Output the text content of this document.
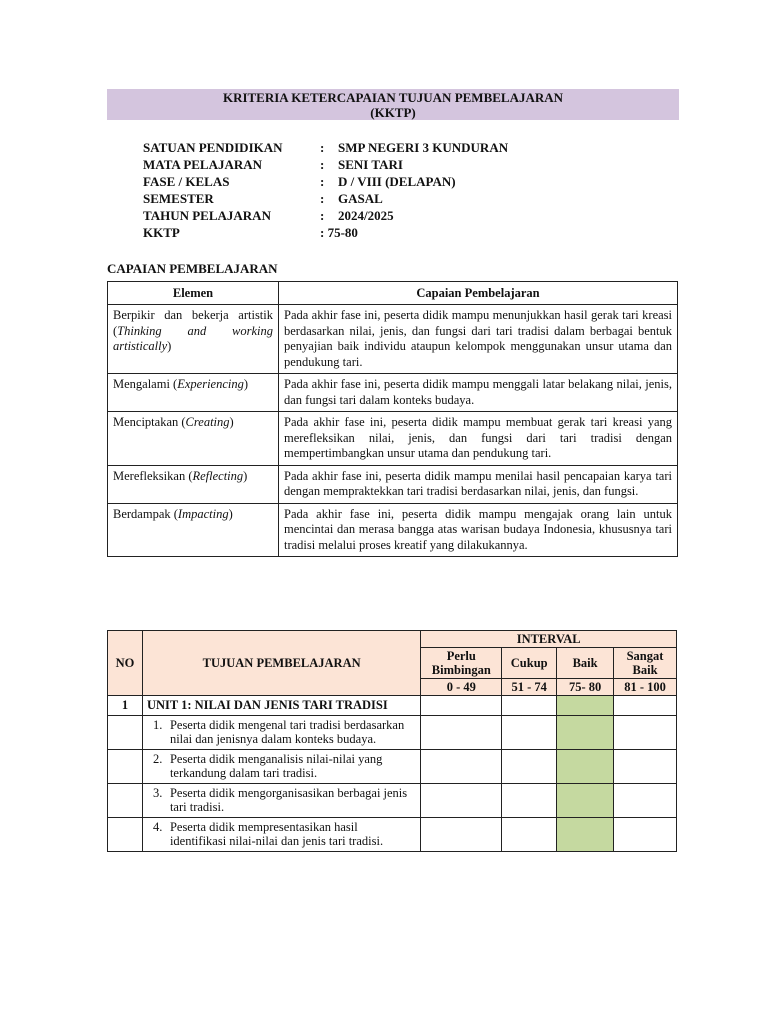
KRITERIA KETERCAPAIAN TUJUAN PEMBELAJARAN
(KKTP)
SATUAN PENDIDIKAN	: SMP NEGERI 3 KUNDURAN
MATA PELAJARAN	: SENI TARI
FASE / KELAS	: D / VIII (DELAPAN)
SEMESTER	: GASAL
TAHUN PELAJARAN	: 2024/2025
KKTP	: 75-80
CAPAIAN PEMBELAJARAN
Elemen	Capaian Pembelajaran
Berpikir dan bekerja artistik (Thinking and working artistically)	Pada akhir fase ini, peserta didik mampu menunjukkan hasil gerak tari kreasi berdasarkan nilai, jenis, dan fungsi dari tari tradisi dalam berbagai bentuk penyajian baik individu ataupun kelompok menggunakan unsur utama dan pendukung tari.
Mengalami (Experiencing)	Pada akhir fase ini, peserta didik mampu menggali latar belakang nilai, jenis, dan fungsi tari dalam konteks budaya.
Menciptakan (Creating)	Pada akhir fase ini, peserta didik mampu membuat gerak tari kreasi yang merefleksikan nilai, jenis, dan fungsi dari tari tradisi dengan mempertimbangkan unsur utama dan pendukung tari.
Merefleksikan (Reflecting)	Pada akhir fase ini, peserta didik mampu menilai hasil pencapaian karya tari dengan mempraktekkan tari tradisi berdasarkan nilai, jenis, dan fungsi.
Berdampak (Impacting)	Pada akhir fase ini, peserta didik mampu mengajak orang lain untuk mencintai dan merasa bangga atas warisan budaya Indonesia, khususnya tari tradisi melalui proses kreatif yang dilakukannya.
NO	TUJUAN PEMBELAJARAN	INTERVAL			
		Perlu Bimbingan	Cukup	Baik	Sangat Baik
		0 - 49	51 - 74	75- 80	81 - 100
1	UNIT 1: NILAI DAN JENIS TARI TRADISI				

	1. Peserta didik mengenal tari tradisi berdasarkan nilai dan jenisnya dalam konteks budaya.				

	2. Peserta didik menganalisis nilai-nilai yang terkandung dalam tari tradisi.				

	3. Peserta didik mengorganisasikan berbagai jenis tari tradisi.				

	4. Peserta didik mempresentasikan hasil identifikasi nilai-nilai dan jenis tari tradisi.				
